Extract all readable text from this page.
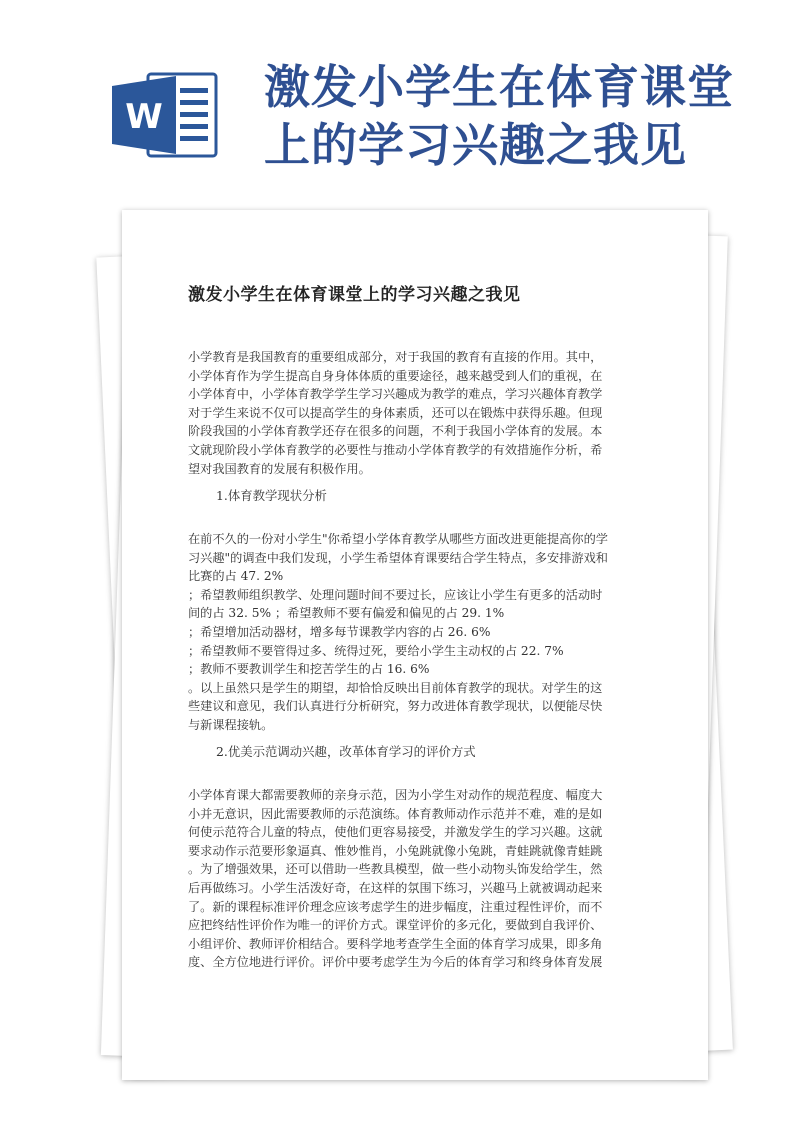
W
激发小学生在体育课堂
上的学习兴趣之我见
激发小学生在体育课堂上的学习兴趣之我见

小学教育是我国教育的重要组成部分，对于我国的教育有直接的作用。其中，
小学体育作为学生提高自身身体体质的重要途径，越来越受到人们的重视，在
小学体育中，小学体育教学学生学习兴趣成为教学的难点，学习兴趣体育教学
对于学生来说不仅可以提高学生的身体素质，还可以在锻炼中获得乐趣。但现
阶段我国的小学体育教学还存在很多的问题，不利于我国小学体育的发展。本
文就现阶段小学体育教学的必要性与推动小学体育教学的有效措施作分析，希
望对我国教育的发展有积极作用。

1.体育教学现状分析

在前不久的一份对小学生"你希望小学体育教学从哪些方面改进更能提高你的学
习兴趣"的调查中我们发现，小学生希望体育课要结合学生特点，多安排游戏和
比赛的占 47. 2%
；希望教师组织教学、处理问题时间不要过长，应该让小学生有更多的活动时
间的占 32. 5% ；希望教师不要有偏爱和偏见的占 29. 1%
；希望增加活动器材，增多每节课教学内容的占 26. 6%
；希望教师不要管得过多、统得过死，要给小学生主动权的占 22. 7%
；教师不要教训学生和挖苦学生的占 16. 6%
。以上虽然只是学生的期望，却恰恰反映出目前体育教学的现状。对学生的这
些建议和意见，我们认真进行分析研究，努力改进体育教学现状，以便能尽快
与新课程接轨。

2.优美示范调动兴趣，改革体育学习的评价方式

小学体育课大都需要教师的亲身示范，因为小学生对动作的规范程度、幅度大
小并无意识，因此需要教师的示范演练。体育教师动作示范并不难，难的是如
何使示范符合儿童的特点，使他们更容易接受，并激发学生的学习兴趣。这就
要求动作示范要形象逼真、惟妙惟肖，小兔跳就像小兔跳，青蛙跳就像青蛙跳
。为了增强效果，还可以借助一些教具模型，做一些小动物头饰发给学生，然
后再做练习。小学生活泼好奇，在这样的氛围下练习，兴趣马上就被调动起来
了。新的课程标准评价理念应该考虑学生的进步幅度，注重过程性评价，而不
应把终结性评价作为唯一的评价方式。课堂评价的多元化，要做到自我评价、
小组评价、教师评价相结合。要科学地考查学生全面的体育学习成果，即多角
度、全方位地进行评价。评价中要考虑学生为今后的体育学习和终身体育发展
